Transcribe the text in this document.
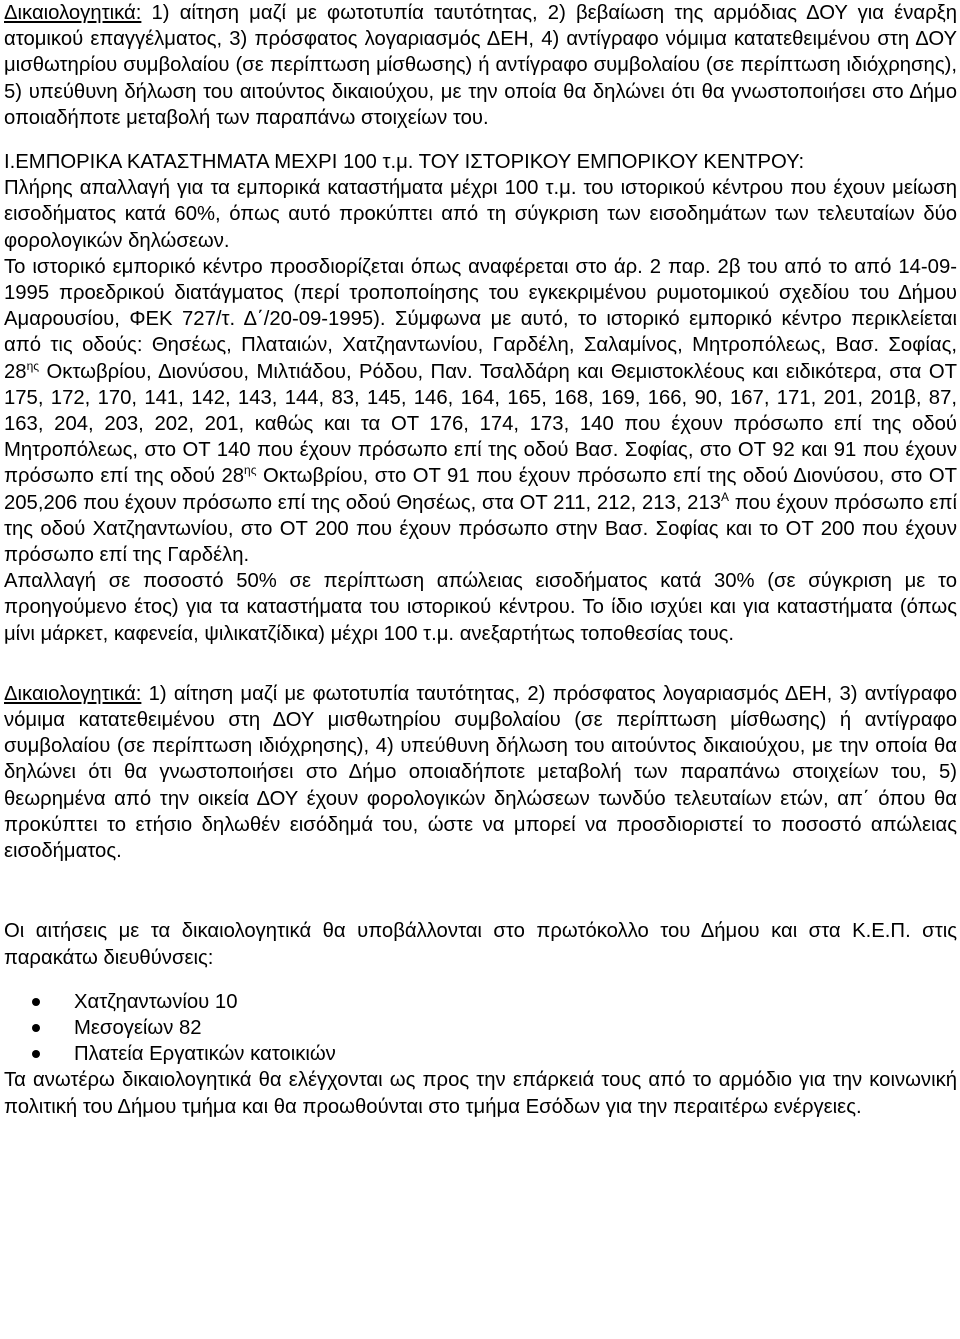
Δικαιολογητικά: 1) αίτηση μαζί με φωτοτυπία ταυτότητας, 2) βεβαίωση της αρμόδιας ΔΟΥ για έναρξη ατομικού επαγγέλματος, 3) πρόσφατος λογαριασμός ΔΕΗ, 4) αντίγραφο νόμιμα κατατεθειμένου στη ΔΟΥ μισθωτηρίου συμβολαίου (σε περίπτωση μίσθωσης) ή αντίγραφο συμβολαίου (σε περίπτωση ιδιόχρησης), 5) υπεύθυνη δήλωση του αιτούντος δικαιούχου, με την οποία θα δηλώνει ότι θα γνωστοποιήσει στο Δήμο οποιαδήποτε μεταβολή των παραπάνω στοιχείων του.

Ι.ΕΜΠΟΡΙΚΑ ΚΑΤΑΣΤΗΜΑΤΑ ΜΕΧΡΙ 100 τ.μ. ΤΟΥ ΙΣΤΟΡΙΚΟΥ ΕΜΠΟΡΙΚΟΥ ΚΕΝΤΡΟΥ:

Πλήρης απαλλαγή για τα εμπορικά καταστήματα μέχρι 100 τ.μ. του ιστορικού κέντρου που έχουν μείωση εισοδήματος κατά 60%, όπως αυτό προκύπτει από τη σύγκριση των εισοδημάτων των τελευταίων δύο φορολογικών δηλώσεων.

Το ιστορικό εμπορικό κέντρο προσδιορίζεται όπως αναφέρεται στο άρ. 2 παρ. 2β του από το από 14-09-1995 προεδρικού διατάγματος (περί τροποποίησης του εγκεκριμένου ρυμοτομικού σχεδίου του Δήμου Αμαρουσίου, ΦΕΚ 727/τ. Δ΄/20-09-1995). Σύμφωνα με αυτό, το ιστορικό εμπορικό κέντρο περικλείεται από τις οδούς: Θησέως, Πλαταιών, Χατζηαντωνίου, Γαρδέλη, Σαλαμίνος, Μητροπόλεως, Βασ. Σοφίας, $28^{\eta\varsigma}$ Οκτωβρίου, Διονύσου, Μιλτιάδου, Ρόδου, Παν. Τσαλδάρη και Θεμιστοκλέους και ειδικότερα, στα ΟΤ 175, 172, 170, 141, 142, 143, 144, 83, 145, 146, 164, 165, 168, 169, 166, 90, 167, 171, 201, 201β, 87, 163, 204, 203, 202, 201, καθώς και τα ΟΤ 176, 174, 173, 140 που έχουν πρόσωπο επί της οδού Μητροπόλεως, στο ΟΤ 140 που έχουν πρόσωπο επί της οδού Βασ. Σοφίας, στο ΟΤ 92 και 91 που έχουν πρόσωπο επί της οδού $28^{\eta\varsigma}$ Οκτωβρίου, στο ΟΤ 91 που έχουν πρόσωπο επί της οδού Διονύσου, στο ΟΤ 205,206 που έχουν πρόσωπο επί της οδού Θησέως, στα ΟΤ 211, 212, 213, $213^A$ που έχουν πρόσωπο επί της οδού Χατζηαντωνίου, στο ΟΤ 200 που έχουν πρόσωπο στην Βασ. Σοφίας και το ΟΤ 200 που έχουν πρόσωπο επί της Γαρδέλη.

Απαλλαγή σε ποσοστό 50% σε περίπτωση απώλειας εισοδήματος κατά 30% (σε σύγκριση με το προηγούμενο έτος) για τα καταστήματα του ιστορικού κέντρου. Το ίδιο ισχύει και για καταστήματα (όπως μίνι μάρκετ, καφενεία, ψιλικατζίδικα) μέχρι 100 τ.μ. ανεξαρτήτως τοποθεσίας τους.

Δικαιολογητικά: 1) αίτηση μαζί με φωτοτυπία ταυτότητας, 2) πρόσφατος λογαριασμός ΔΕΗ, 3) αντίγραφο νόμιμα κατατεθειμένου στη ΔΟΥ μισθωτηρίου συμβολαίου (σε περίπτωση μίσθωσης) ή αντίγραφο συμβολαίου (σε περίπτωση ιδιόχρησης), 4) υπεύθυνη δήλωση του αιτούντος δικαιούχου, με την οποία θα δηλώνει ότι θα γνωστοποιήσει στο Δήμο οποιαδήποτε μεταβολή των παραπάνω στοιχείων του, 5) θεωρημένα από την οικεία ΔΟΥ έχουν φορολογικών δηλώσεων τωνδύο τελευταίων ετών, απ΄ όπου θα προκύπτει το ετήσιο δηλωθέν εισόδημά του, ώστε να μπορεί να προσδιοριστεί το ποσοστό απώλειας εισοδήματος.

Οι αιτήσεις με τα δικαιολογητικά θα υποβάλλονται στο πρωτόκολλο του Δήμου και στα Κ.Ε.Π. στις παρακάτω διευθύνσεις:

Χατζηαντωνίου 10
Μεσογείων 82
Πλατεία Εργατικών κατοικιών

Τα ανωτέρω δικαιολογητικά θα ελέγχονται ως προς την επάρκειά τους από το αρμόδιο για την κοινωνική πολιτική του Δήμου τμήμα και θα προωθούνται στο τμήμα Εσόδων για την περαιτέρω ενέργειες.
